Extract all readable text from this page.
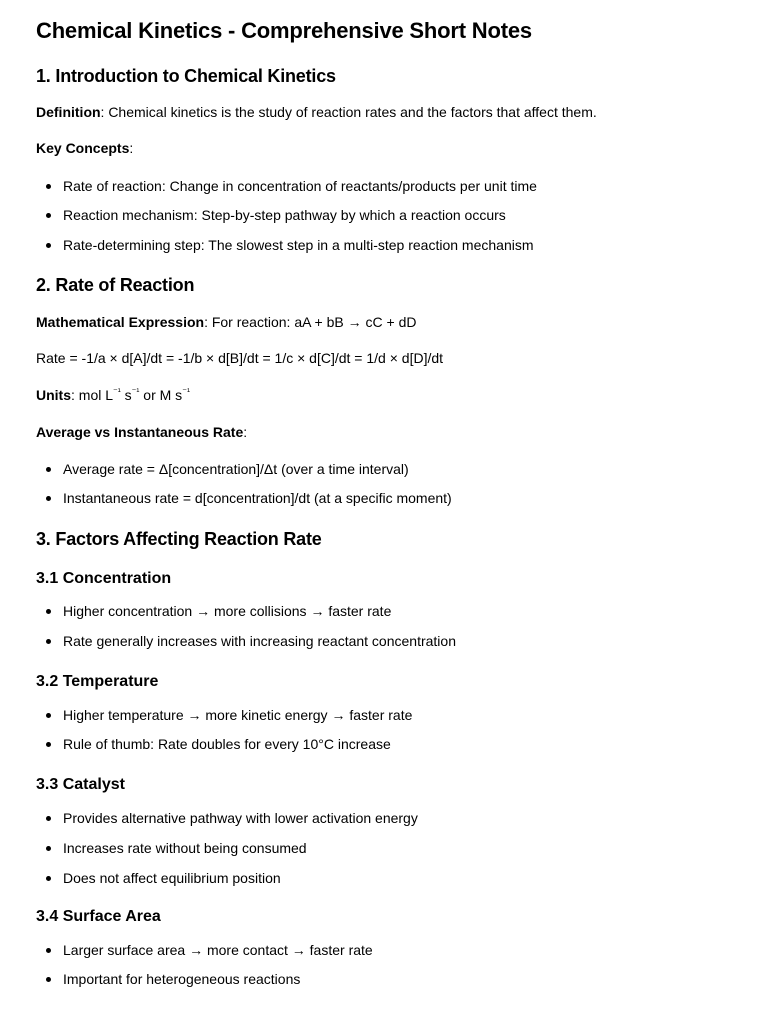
Chemical Kinetics - Comprehensive Short Notes
1. Introduction to Chemical Kinetics

Definition: Chemical kinetics is the study of reaction rates and the factors that affect them.

Key Concepts:

Rate of reaction: Change in concentration of reactants/products per unit time
Reaction mechanism: Step-by-step pathway by which a reaction occurs
Rate-determining step: The slowest step in a multi-step reaction mechanism
2. Rate of Reaction

Mathematical Expression: For reaction: aA + bB → cC + dD

Rate = -1/a × d[A]/dt = -1/b × d[B]/dt = 1/c × d[C]/dt = 1/d × d[D]/dt

Units: mol $L^{^{-1}}$ $s^{^{-1}}$ or M $s^{^{-1}}$

Average vs Instantaneous Rate:

Average rate = Δ[concentration]/Δt (over a time interval)
Instantaneous rate = d[concentration]/dt (at a specific moment)
3. Factors Affecting Reaction Rate
3.1 Concentration
Higher concentration → more collisions → faster rate
Rate generally increases with increasing reactant concentration
3.2 Temperature
Higher temperature → more kinetic energy → faster rate
Rule of thumb: Rate doubles for every 10°C increase
3.3 Catalyst
Provides alternative pathway with lower activation energy
Increases rate without being consumed
Does not affect equilibrium position
3.4 Surface Area
Larger surface area → more contact → faster rate
Important for heterogeneous reactions
